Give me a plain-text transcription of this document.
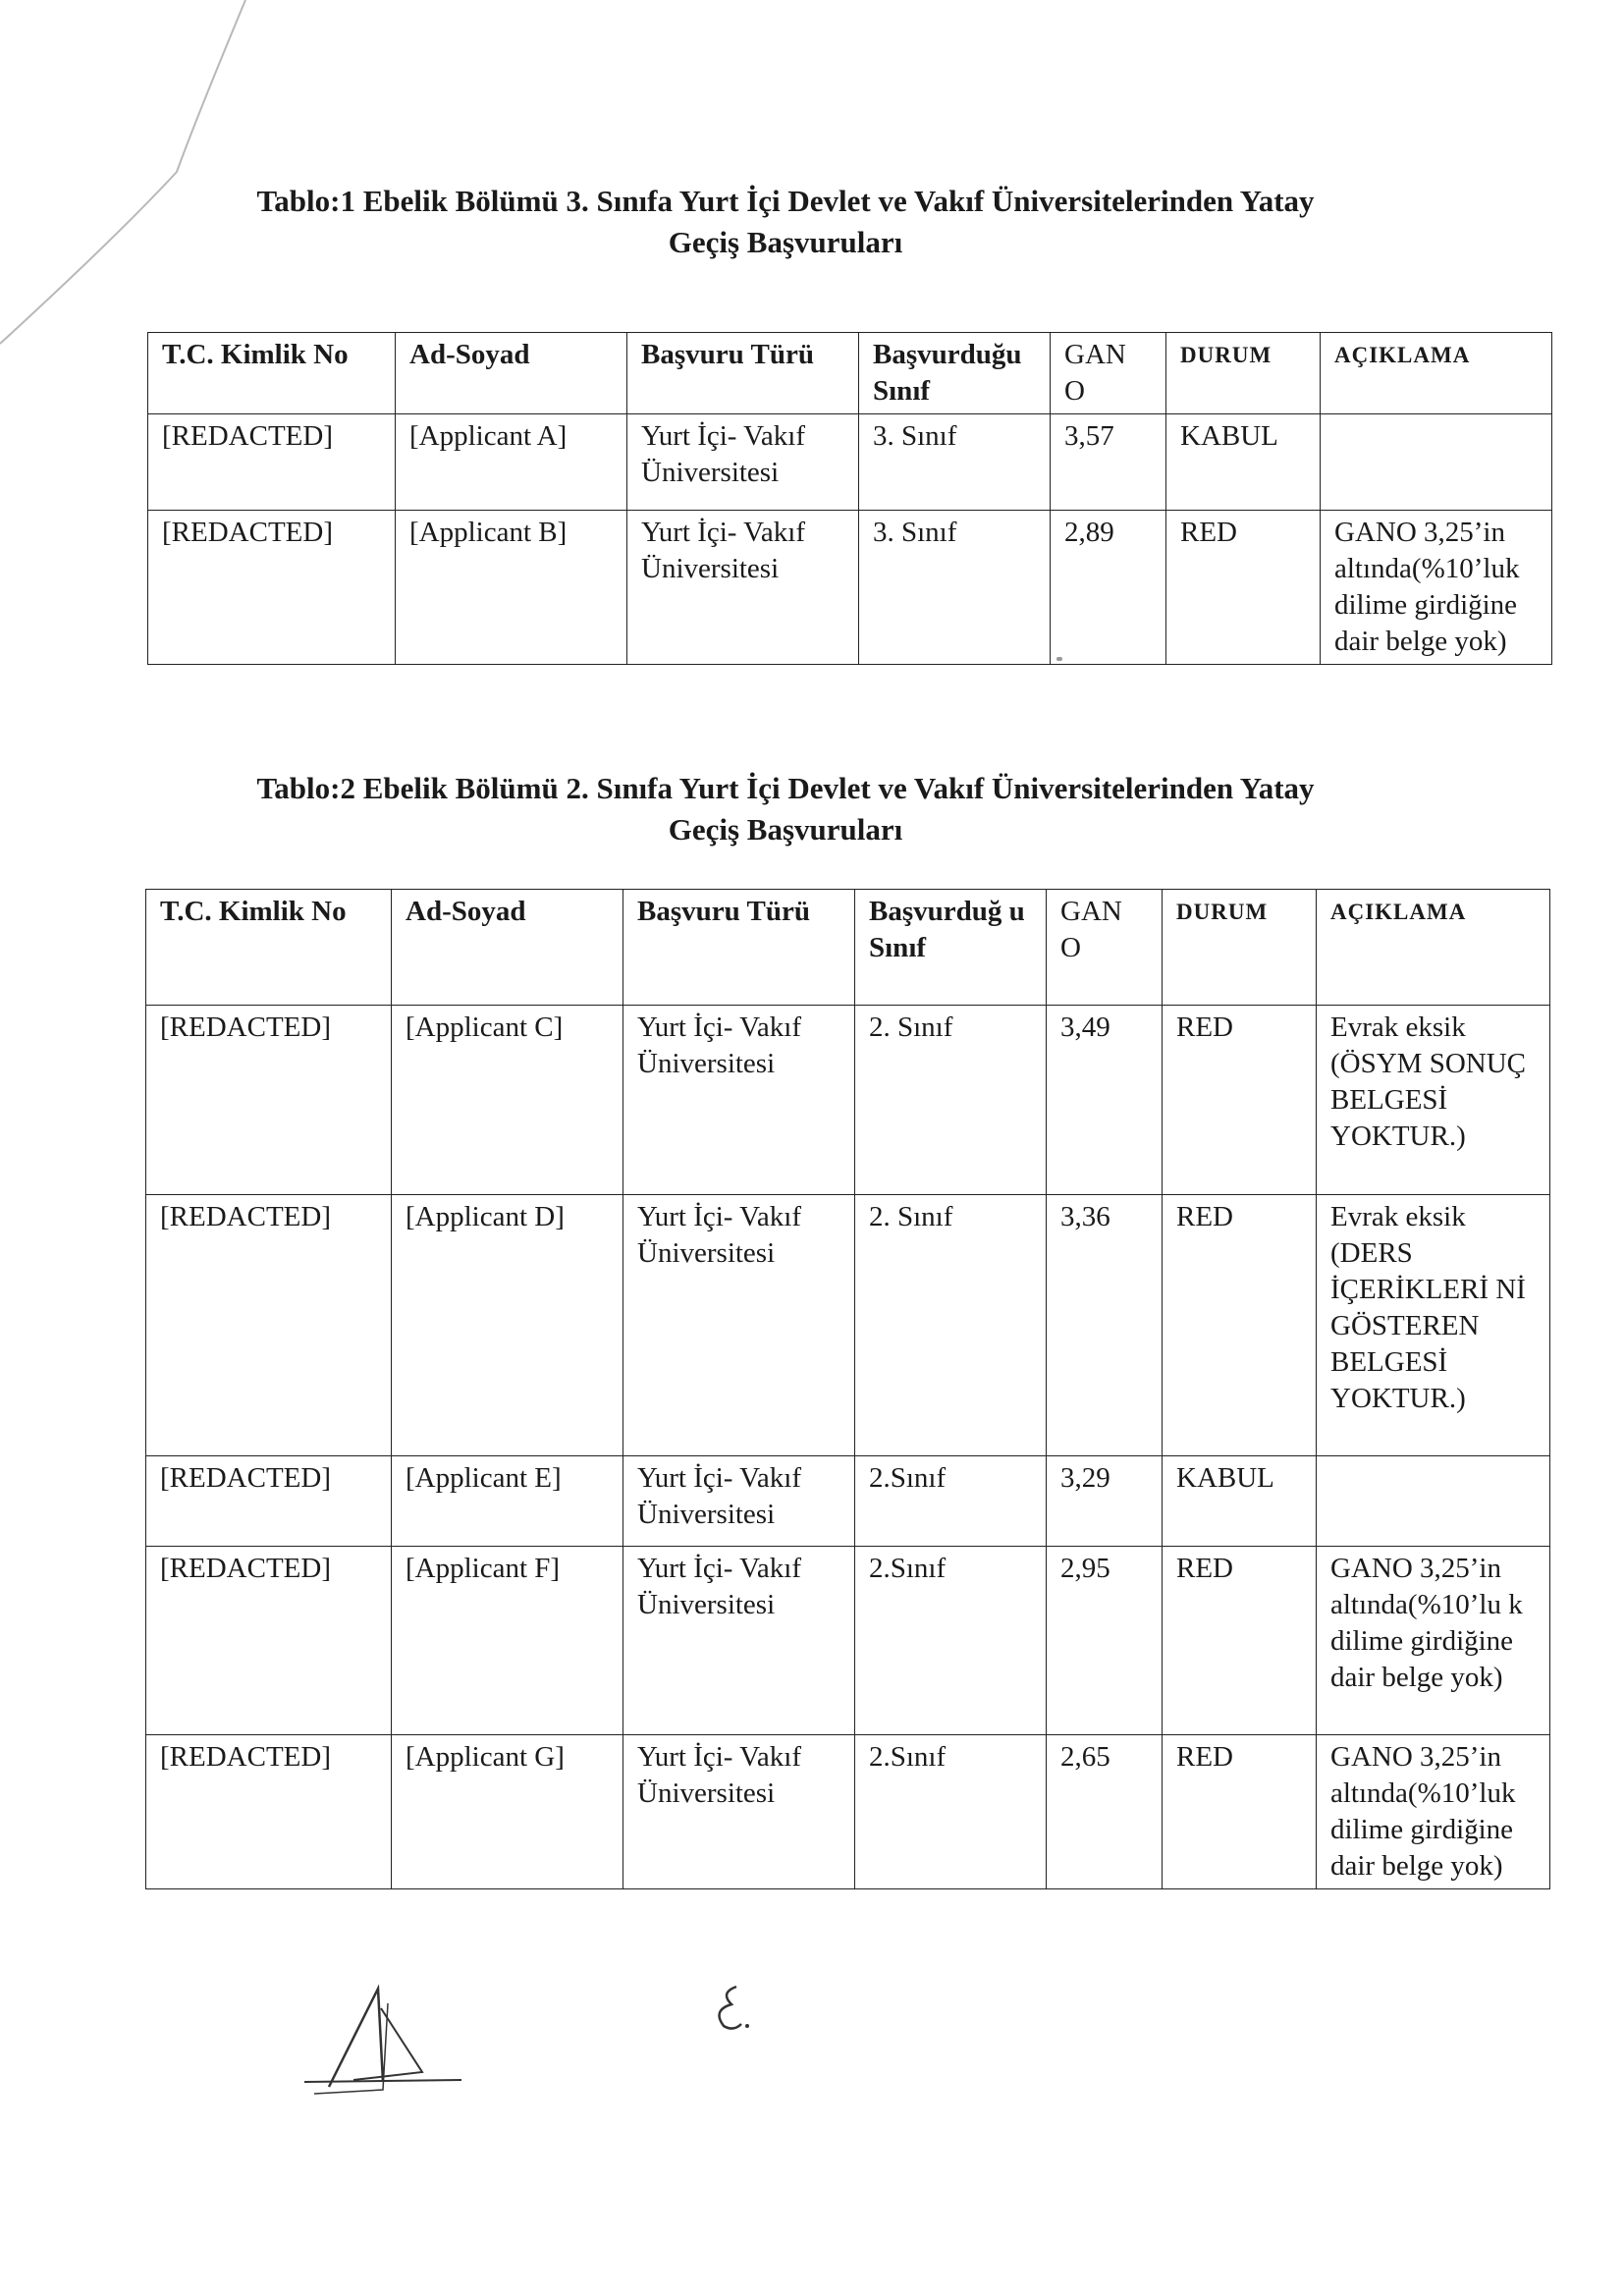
Tablo:1 Ebelik Bölümü 3. Sınıfa Yurt İçi Devlet ve Vakıf Üniversitelerinden Yatay
Geçiş Başvuruları
T.C. Kimlik No	Ad-Soyad	Başvuru Türü	Başvurduğu Sınıf	GAN O	DURUM	AÇIKLAMA
[REDACTED]	[Applicant A]	Yurt İçi- Vakıf Üniversitesi	3. Sınıf	3,57	KABUL	
[REDACTED]	[Applicant B]	Yurt İçi- Vakıf Üniversitesi	3. Sınıf	2,89	RED	GANO 3,25’in altında(%10’luk dilime girdiğine dair belge yok)
Tablo:2 Ebelik Bölümü 2. Sınıfa Yurt İçi Devlet ve Vakıf Üniversitelerinden Yatay
Geçiş Başvuruları
T.C. Kimlik No	Ad-Soyad	Başvuru Türü	Başvurduğ u Sınıf	GAN O	DURUM	AÇIKLAMA
[REDACTED]	[Applicant C]	Yurt İçi- Vakıf Üniversitesi	2. Sınıf	3,49	RED	Evrak eksik (ÖSYM SONUÇ BELGESİ YOKTUR.)
[REDACTED]	[Applicant D]	Yurt İçi- Vakıf Üniversitesi	2. Sınıf	3,36	RED	Evrak eksik (DERS İÇERİKLERİ Nİ GÖSTEREN BELGESİ YOKTUR.)
[REDACTED]	[Applicant E]	Yurt İçi- Vakıf Üniversitesi	2.Sınıf	3,29	KABUL	
[REDACTED]	[Applicant F]	Yurt İçi- Vakıf Üniversitesi	2.Sınıf	2,95	RED	GANO 3,25’in altında(%10’lu k dilime girdiğine dair belge yok)
[REDACTED]	[Applicant G]	Yurt İçi- Vakıf Üniversitesi	2.Sınıf	2,65	RED	GANO 3,25’in altında(%10’luk dilime girdiğine dair belge yok)
